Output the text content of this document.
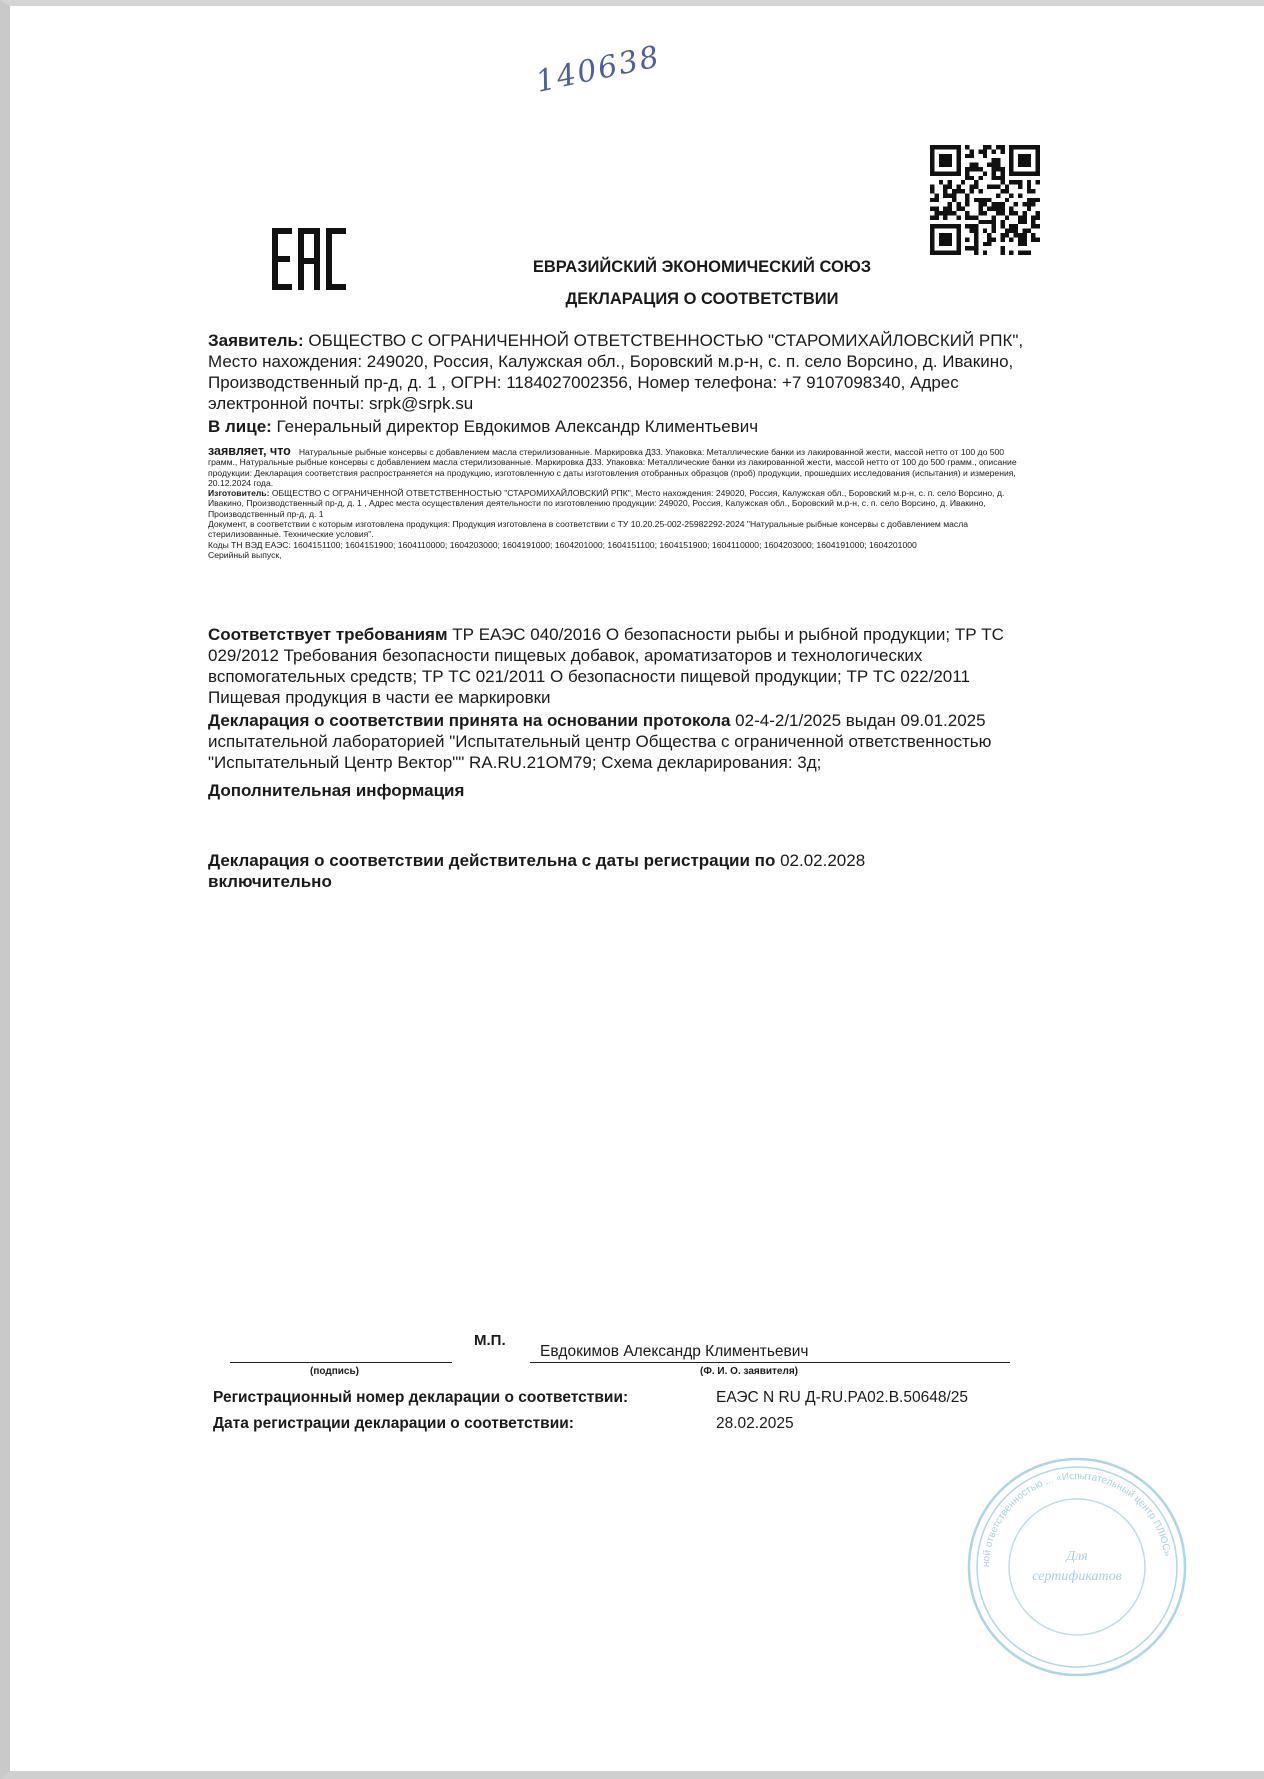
140638
ЕВРАЗИЙСКИЙ ЭКОНОМИЧЕСКИЙ СОЮЗ
ДЕКЛАРАЦИЯ О СООТВЕТСТВИИ
Заявитель: ОБЩЕСТВО С ОГРАНИЧЕННОЙ ОТВЕТСТВЕННОСТЬЮ "СТАРОМИХАЙЛОВСКИЙ РПК", Место нахождения: 249020, Россия, Калужская обл., Боровский м.р-н, с. п. село Ворсино, д. Ивакино, Производственный пр-д, д. 1 , ОГРН: 1184027002356, Номер телефона: +7 9107098340, Адрес электронной почты: srpk@srpk.su
В лице: Генеральный директор Евдокимов Александр Климентьевич
заявляет, что Натуральные рыбные консервы с добавлением масла стерилизованные. Маркировка Д33. Упаковка: Металлические банки из лакированной жести, массой нетто от 100 до 500 грамм., Натуральные рыбные консервы с добавлением масла стерилизованные. Маркировка Д33. Упаковка: Металлические банки из лакированной жести, массой нетто от 100 до 500 грамм., описание продукции: Декларация соответствия распространяется на продукцию, изготовленную с даты изготовления отобранных образцов (проб) продукции, прошедших исследования (испытания) и измерения, 20.12.2024 года.
Изготовитель: ОБЩЕСТВО С ОГРАНИЧЕННОЙ ОТВЕТСТВЕННОСТЬЮ "СТАРОМИХАЙЛОВСКИЙ РПК", Место нахождения: 249020, Россия, Калужская обл., Боровский м.р-н, с. п. село Ворсино, д. Ивакино, Производственный пр-д, д. 1 , Адрес места осуществления деятельности по изготовлению продукции: 249020, Россия, Калужская обл., Боровский м.р-н, с. п. село Ворсино, д. Ивакино, Производственный пр-д, д. 1
Документ, в соответствии с которым изготовлена продукция: Продукция изготовлена в соответствии с ТУ 10.20.25-002-25982292-2024 "Натуральные рыбные консервы с добавлением масла стерилизованные. Технические условия".
Коды ТН ВЭД ЕАЭС: 1604151100; 1604151900; 1604110000; 1604203000; 1604191000; 1604201000; 1604151100; 1604151900; 1604110000; 1604203000; 1604191000; 1604201000
Серийный выпуск,
Соответствует требованиям ТР ЕАЭС 040/2016 О безопасности рыбы и рыбной продукции; ТР ТС 029/2012 Требования безопасности пищевых добавок, ароматизаторов и технологических вспомогательных средств; ТР ТС 021/2011 О безопасности пищевой продукции; ТР ТС 022/2011 Пищевая продукция в части ее маркировки
Декларация о соответствии принята на основании протокола 02-4-2/1/2025 выдан 09.01.2025 испытательной лабораторией "Испытательный центр Общества с ограниченной ответственностью "Испытательный Центр Вектор"" RA.RU.21ОМ79; Схема декларирования: 3д;
Дополнительная информация
Декларация о соответствии действительна с даты регистрации по 02.02.2028
включительно
М.П.
Евдокимов Александр Климентьевич
(подпись)	(Ф. И. О. заявителя)
Регистрационный номер декларации о соответствии:	ЕАЭС N RU Д-RU.РА02.В.50648/25
Дата регистрации декларации о соответствии:	28.02.2025
ной ответственностью ... «Испытательный центр ПЛЮС»
Для
сертификатов
